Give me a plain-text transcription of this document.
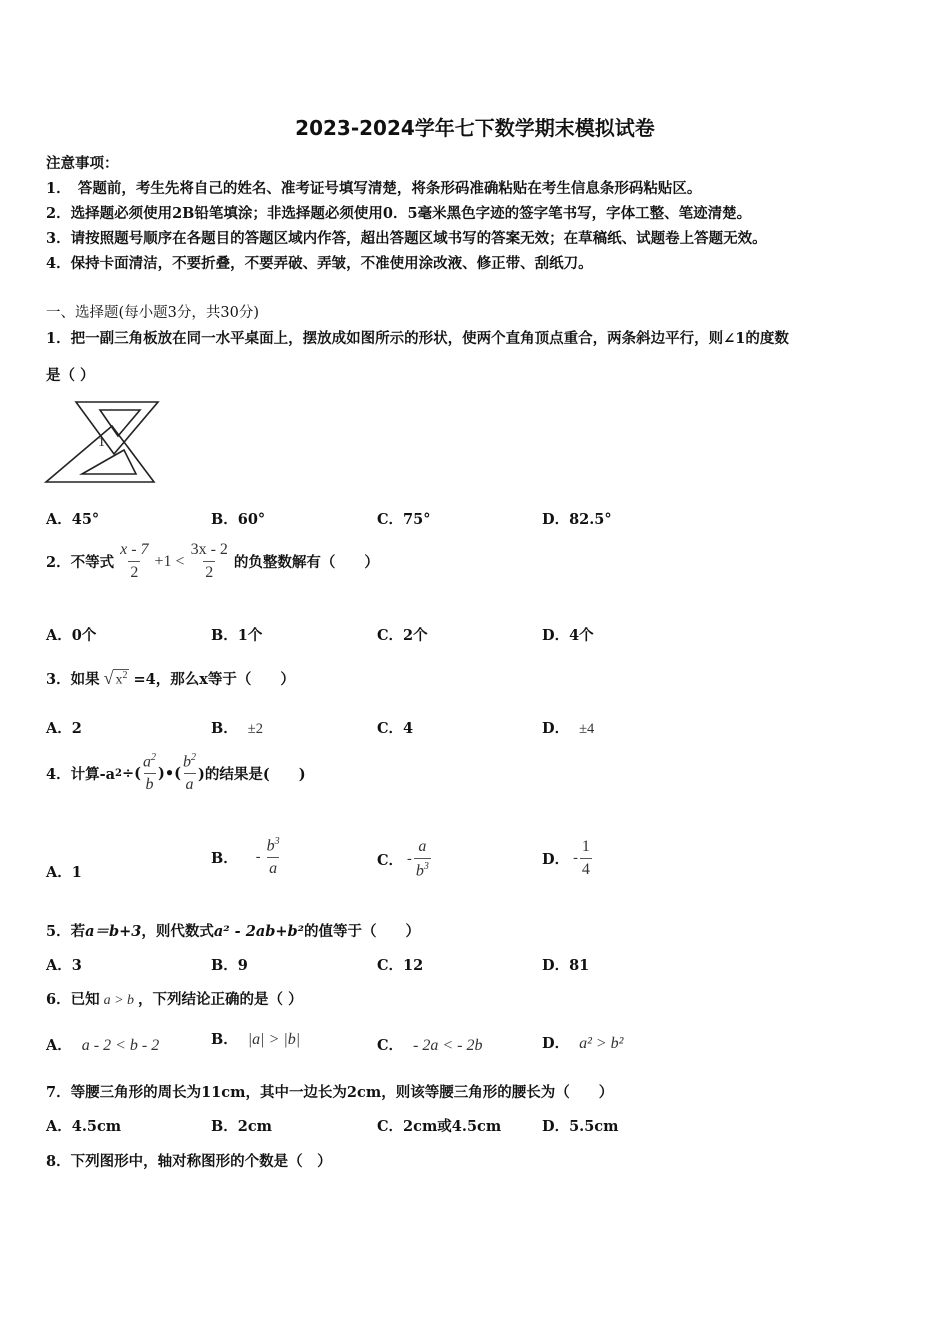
2023-2024学年七下数学期末模拟试卷
注意事项：
1．　答题前，考生先将自己的姓名、准考证号填写清楚，将条形码准确粘贴在考生信息条形码粘贴区。
2．选择题必须使用2B铅笔填涂；非选择题必须使用0．5毫米黑色字迹的签字笔书写，字体工整、笔迹清楚。
3．请按照题号顺序在各题目的答题区域内作答，超出答题区域书写的答案无效；在草稿纸、试题卷上答题无效。
4．保持卡面清洁，不要折叠，不要弄破、弄皱，不准使用涂改液、修正带、刮纸刀。
一、选择题(每小题3分，共30分)
1．把一副三角板放在同一水平桌面上，摆放成如图所示的形状，使两个直角顶点重合，两条斜边平行，则∠1的度数
是（ ）
1
A．45°	B．60°	C．75°	D．82.5°
2．不等式 $\frac{x - 7}{2} +1 < \frac{3x - 2}{2}$ 的负整数解有（　　）
A．0个	B．1个	C．2个	D．4个
3．如果 √ $x^2 =4$，那么x等于（　　）
A．2	B． ±2	C．4	D． ±4
4．计算-a 2 ÷( $\frac{a^2}{b}$ )•( $\frac{b^2}{a}$ )的结果是(　　)
A．1
B． - $\frac{b^3}{a}$	C． - $\frac{a}{b^3}$	D． - $\frac{1}{4}$
5．若a＝b+3，则代数式a² - 2ab+b²的值等于（　　）
A．3	B．9	C．12	D．81
6．已知 a > b ，下列结论正确的是（ ）
A． a - 2 < b - 2	B． |a| > |b|	C． - 2a < - 2b	D． a² > b²
7．等腰三角形的周长为11cm，其中一边长为2cm，则该等腰三角形的腰长为（　　）
A．4.5cm	B．2cm	C．2cm或4.5cm	D．5.5cm
8．下列图形中，轴对称图形的个数是（　）
